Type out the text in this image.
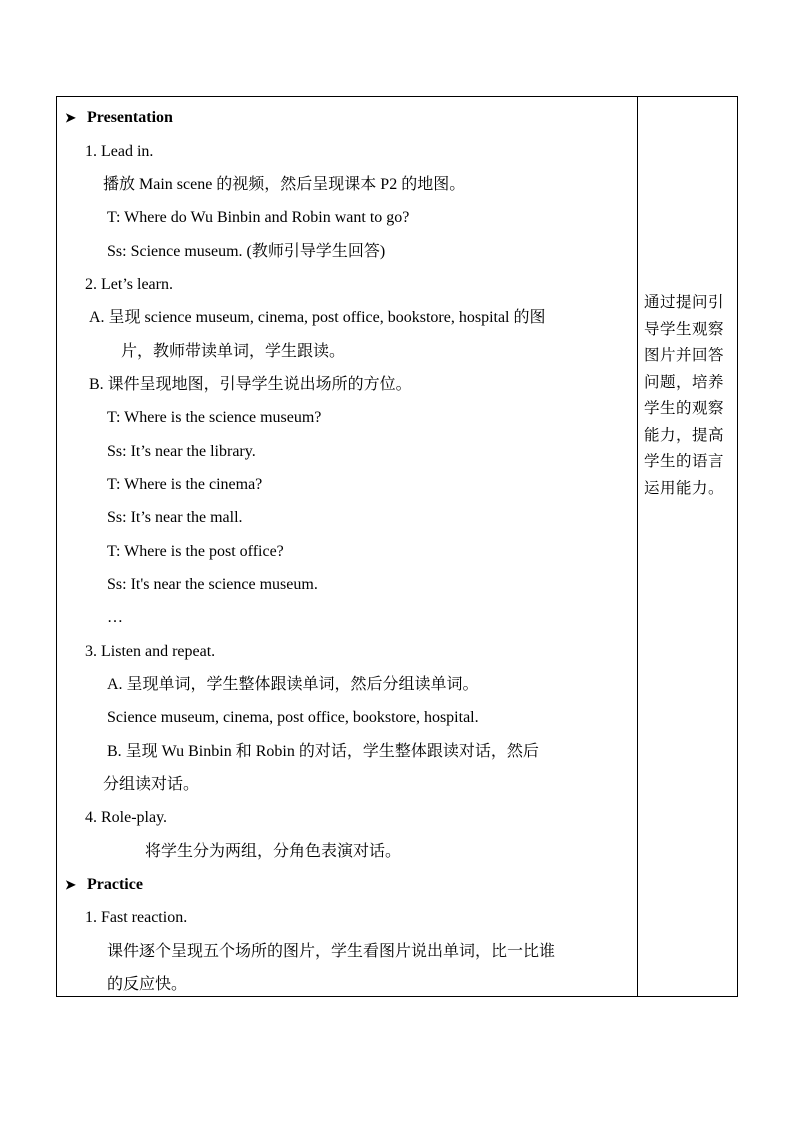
➤ Presentation
1. Lead in.
播放 Main scene 的视频，然后呈现课本 P2 的地图。
T: Where do Wu Binbin and Robin want to go?
Ss: Science museum. (教师引导学生回答)
2. Let’s learn.
A. 呈现 science museum, cinema, post office, bookstore, hospital 的图
片，教师带读单词，学生跟读。
B. 课件呈现地图，引导学生说出场所的方位。
T: Where is the science museum?
Ss: It’s near the library.
T: Where is the cinema?
Ss: It’s near the mall.
T: Where is the post office?
Ss: It's near the science museum.
…
3. Listen and repeat.
A. 呈现单词，学生整体跟读单词，然后分组读单词。
Science museum, cinema, post office, bookstore, hospital.
B. 呈现 Wu Binbin 和 Robin 的对话，学生整体跟读对话，然后
分组读对话。
4. Role-play.
将学生分为两组，分角色表演对话。
➤ Practice
1. Fast reaction.
课件逐个呈现五个场所的图片，学生看图片说出单词，比一比谁
的反应快。
通过提问引导学生观察图片并回答问题，培养学生的观察能力，提高学生的语言运用能力。
